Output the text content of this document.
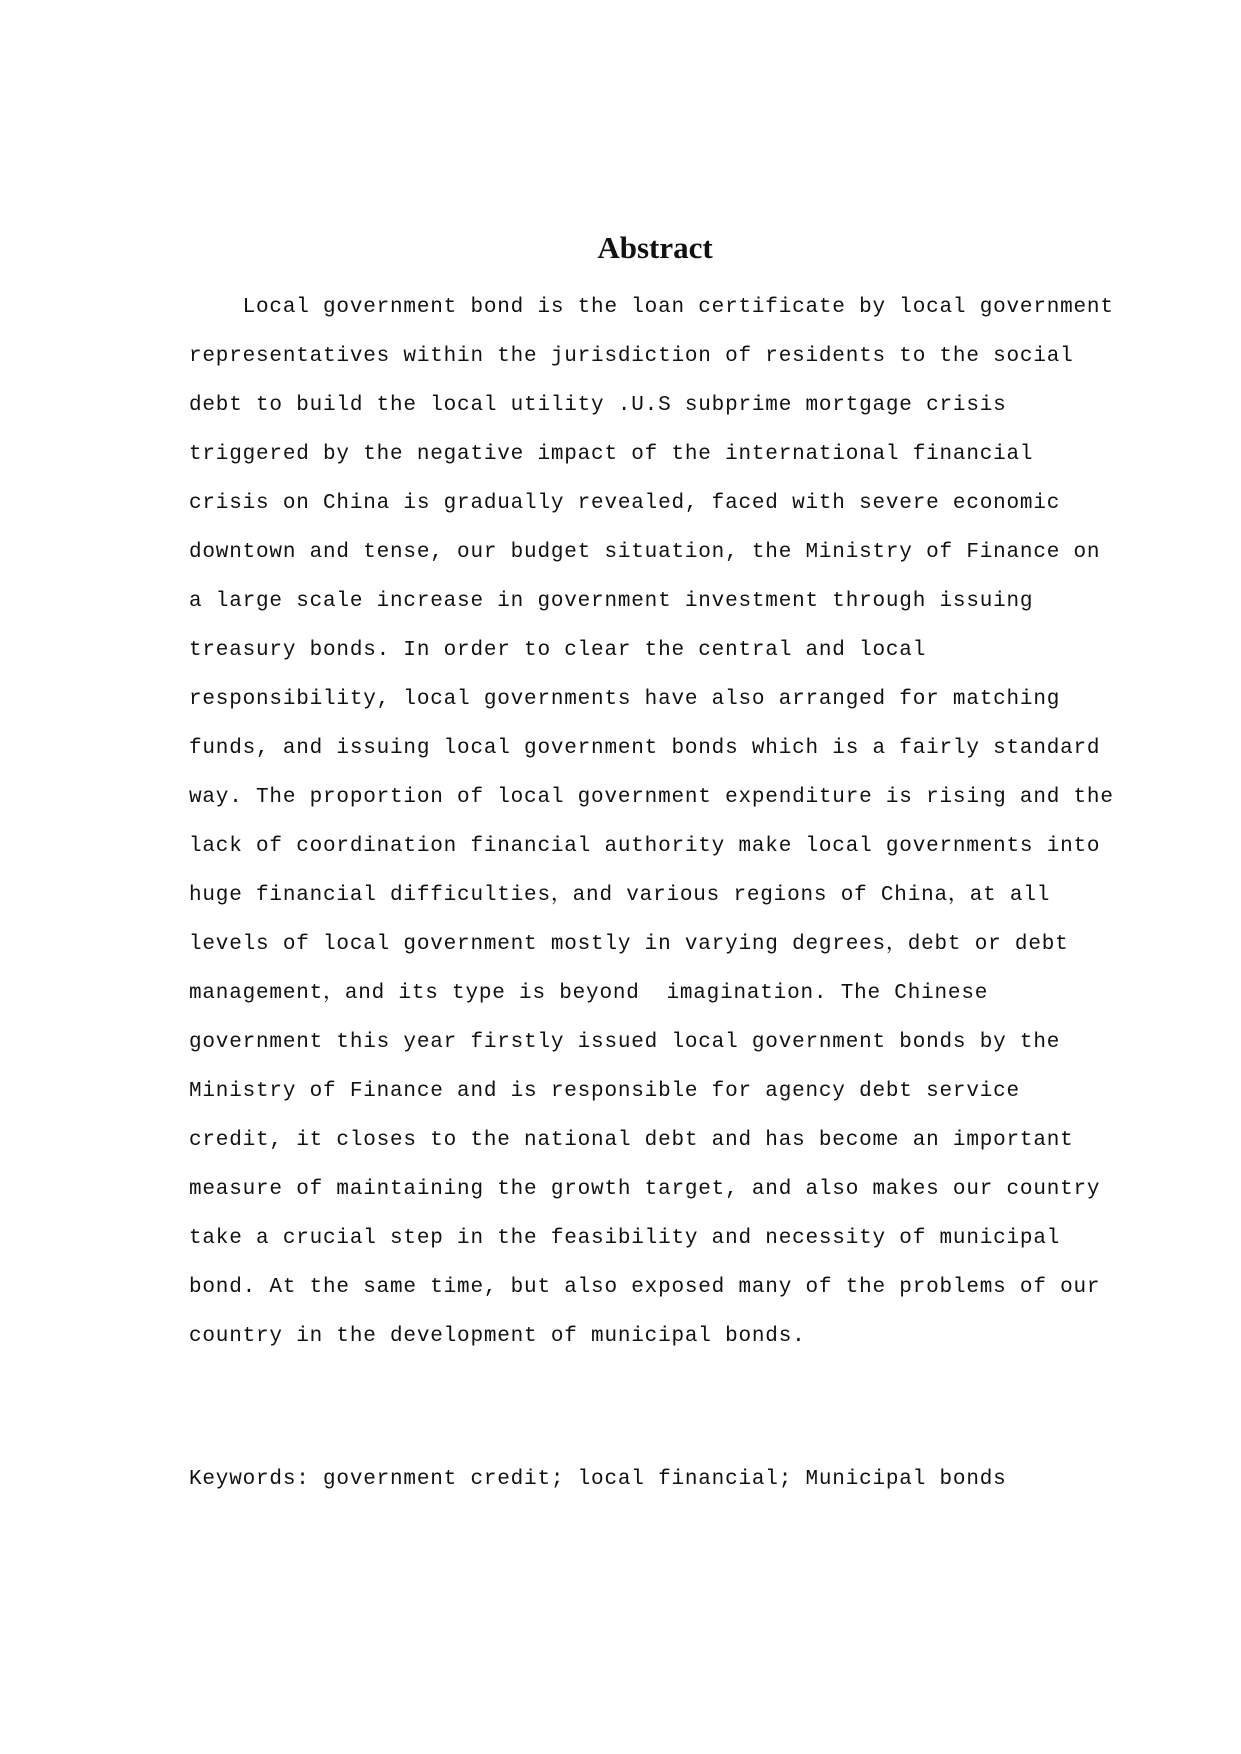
Abstract
Local government bond is the loan certificate by local government
representatives within the jurisdiction of residents to the social
debt to build the local utility .U.S subprime mortgage crisis
triggered by the negative impact of the international financial
crisis on China is gradually revealed, faced with severe economic
downtown and tense, our budget situation, the Ministry of Finance on
a large scale increase in government investment through issuing
treasury bonds. In order to clear the central and local
responsibility, local governments have also arranged for matching
funds, and issuing local government bonds which is a fairly standard
way. The proportion of local government expenditure is rising and the
lack of coordination financial authority make local governments into
huge financial difficulties，and various regions of China，at all
levels of local government mostly in varying degrees，debt or debt
management，and its type is beyond  imagination. The Chinese
government this year firstly issued local government bonds by the
Ministry of Finance and is responsible for agency debt service
credit, it closes to the national debt and has become an important
measure of maintaining the growth target, and also makes our country
take a crucial step in the feasibility and necessity of municipal
bond. At the same time, but also exposed many of the problems of our
country in the development of municipal bonds.

Keywords: government credit; local financial; Municipal bonds
